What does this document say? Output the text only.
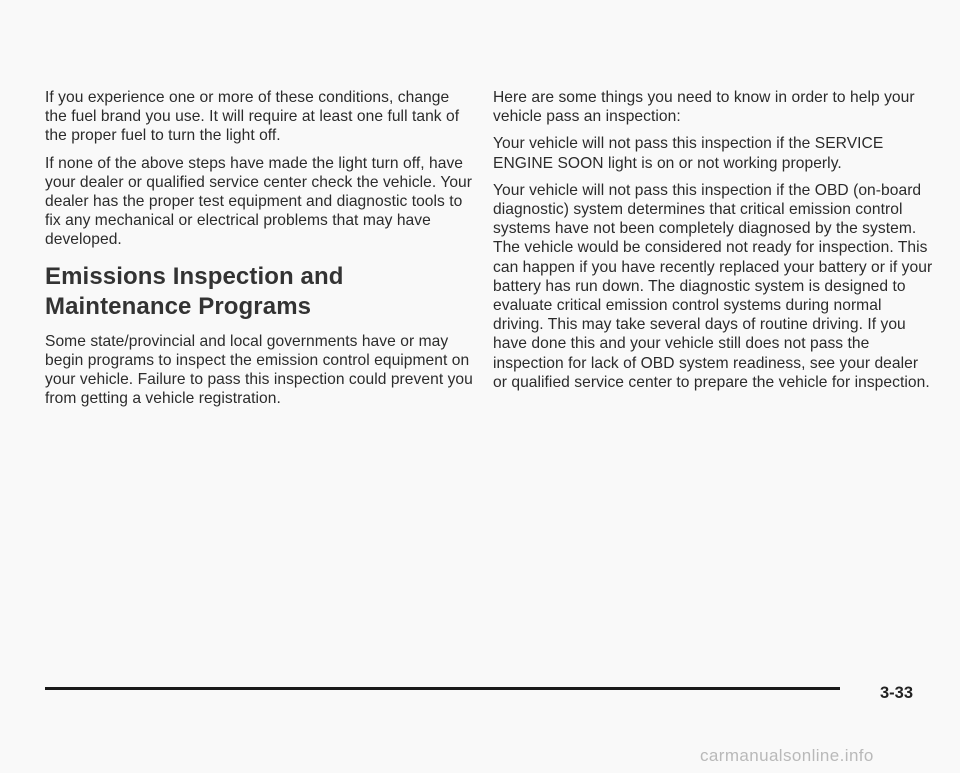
If you experience one or more of these conditions, change the fuel brand you use. It will require at least one full tank of the proper fuel to turn the light off.

If none of the above steps have made the light turn off, have your dealer or qualified service center check the vehicle. Your dealer has the proper test equipment and diagnostic tools to fix any mechanical or electrical problems that may have developed.

Emissions Inspection and Maintenance Programs

Some state/provincial and local governments have or may begin programs to inspect the emission control equipment on your vehicle. Failure to pass this inspection could prevent you from getting a vehicle registration.

Here are some things you need to know in order to help your vehicle pass an inspection:

Your vehicle will not pass this inspection if the SERVICE ENGINE SOON light is on or not working properly.

Your vehicle will not pass this inspection if the OBD (on-board diagnostic) system determines that critical emission control systems have not been completely diagnosed by the system. The vehicle would be considered not ready for inspection. This can happen if you have recently replaced your battery or if your battery has run down. The diagnostic system is designed to evaluate critical emission control systems during normal driving. This may take several days of routine driving. If you have done this and your vehicle still does not pass the inspection for lack of OBD system readiness, see your dealer or qualified service center to prepare the vehicle for inspection.

3-33
carmanualsonline.info
